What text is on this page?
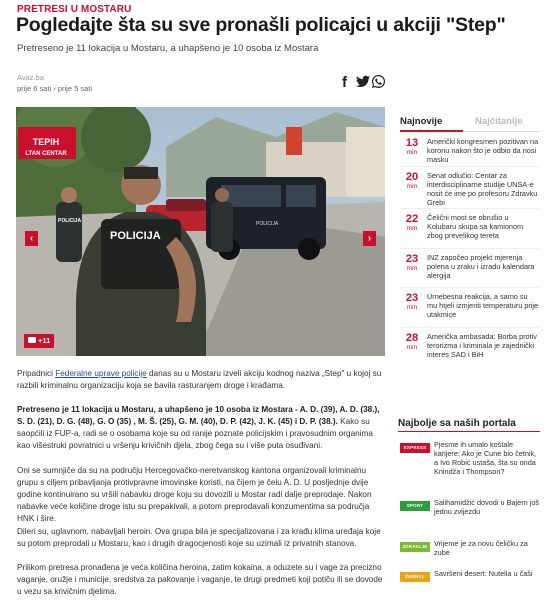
PRETRESI U MOSTARU
Pogledajte šta su sve pronašli policajci u akciji "Step"
Pretreseno je 11 lokacija u Mostaru, a uhapšeno je 10 osoba iz Mostara
Avaz.ba
prije 6 sati › prije 5 sati	f
TEPIH
LTAN CENTAR
POLICIJA
POLICIJA
POLICIJA
+11
‹	›
Pripadnici Federalne uprave policije danas su u Mostaru izveli akciju kodnog naziva „Step" u kojoj su razbili kriminalnu organizaciju koja se bavila rasturanjem droge i krađama.
Pretreseno je 11 lokacija u Mostaru, a uhapšeno je 10 osoba iz Mostara - A. D. (39), A. D. (38.), S. D. (21), D. G. (48), G. O (35) , M. Š. (25), G. M. (40), D. P. (42), J. K. (45) i D. P. (38.). Kako su saopćili iz FUP-a, radi se o osobama koje su od ranije poznate policijskim i pravosudnim organima kao višestruki povratnici u vršenju krivičnih djela, zbog čega su i više puta osuđivani.
Oni se sumnjiče da su na području Hercegovačko-neretvanskog kantona organizovali kriminalnu grupu s ciljem pribavljanja protivpravne imovinske koristi, na čijem je čelu A. D. U posljednje dvije godine kontinuirano su vršili nabavku droge koju su dovozili u Mostar radi dalje preprodaje. Nakon nabavke veće količine droge istu su prepakivali, a potom preprodavali konzumentima sa područja HNK i šire.
Dileri su, uglavnom, nabavljali heroin. Ova grupa bila je specijalizovana i za krađu klima uređaja koje su potom preprodali u Mostaru, kao i drugih dragocjenosti koje su uzimali iz privatnih stanova.
Prilikom pretresa pronađena je veća količina heroina, zatim kokaina, a oduzete su i vage za precizno vaganje, oružje i municije, sredstva za pakovanje i vaganje, te drugi predmeti koji potiču ili se dovode u vezu sa krivičnim djelima.
Najnovije	Najčitanije
13
min
Američki kongresmen pozitivan na koronu nakon što je odbio da nosi masku
20
min
Senat odlučio: Centar za interdisciplinarne studije UNSA-e nosit će ime po profesoru Zdravku Grebi
22
min
Čelični most se obrušio u Kolubaru skupa sa kamionom zbog prevelikog tereta
23
min
INZ započeo projekt mjerenja polena u zraku i izradu kalendara alergija
23
min
Urnebesna reakcija, a samo su mu htjeli izmjeriti temperaturu prije utakmice
28
min
Američka ambasada: Borba protiv terorizma i kriminala je zajednički interes SAD i BiH
Najbolje sa naših portala
EXPRESS	Pjesme ih umalo koštale karijere: Ako je Cune bio četnik, a Ivo Robić ustaša, šta su onda Knindža i Thompson?
SPORT	Salihamidžić dovodi u Bajern još jednu zvijezdu
ZDRAVLJE Vrijeme je za novu čeličku za zube
ŽURNAL	Savršeni desert: Nutella u čaši
